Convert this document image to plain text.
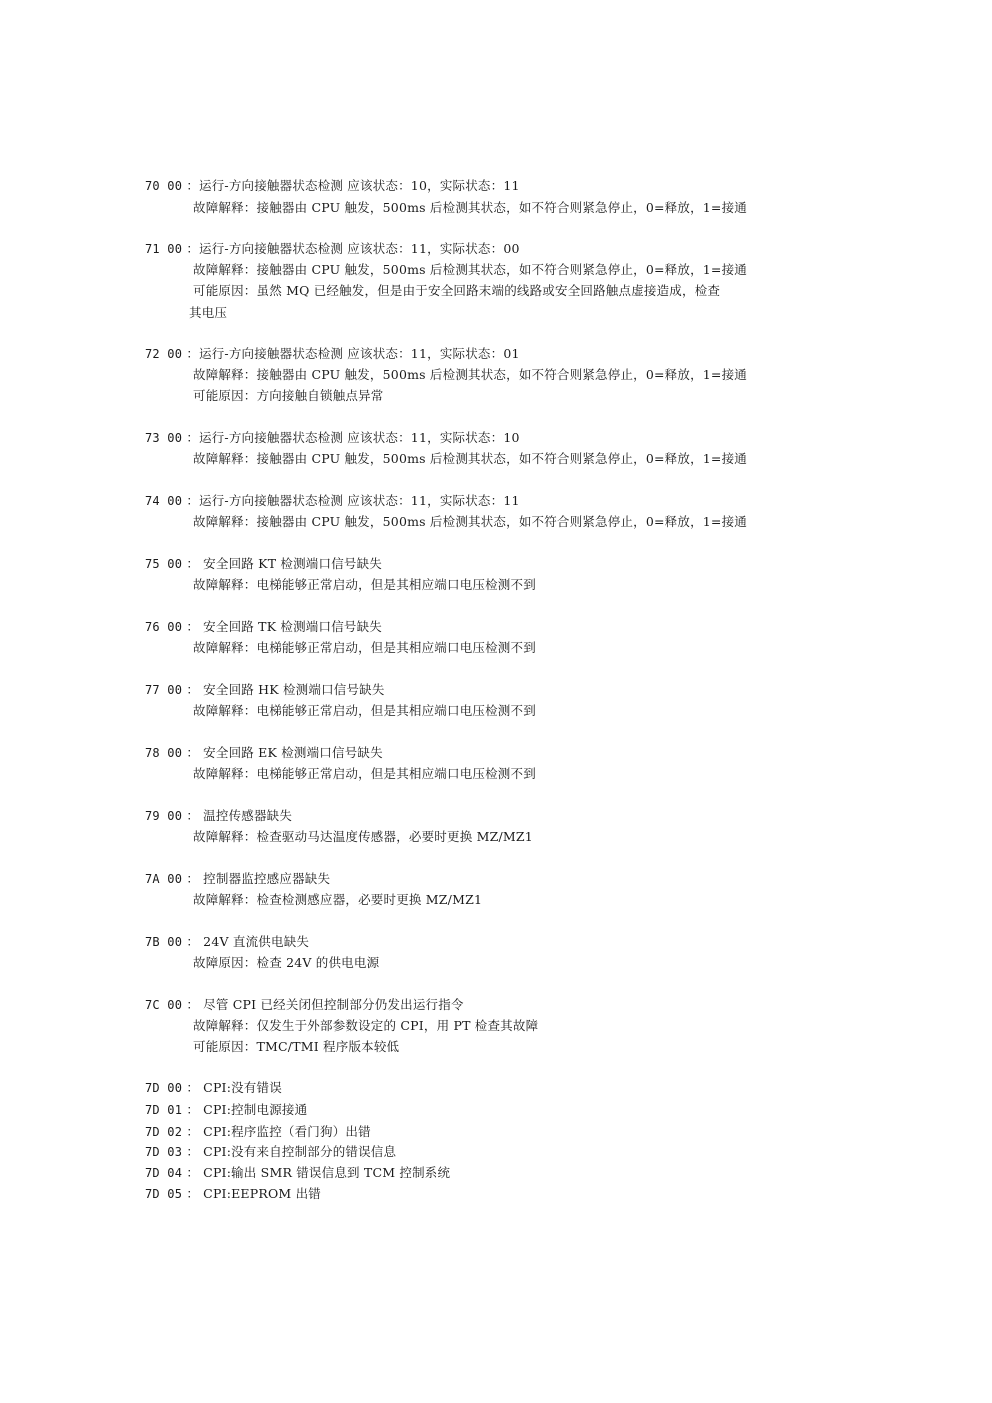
70 00 ：运行-方向接触器状态检测 应该状态：10，实际状态：11
故障解释：接触器由 CPU 触发，500ms 后检测其状态，如不符合则紧急停止，0=释放，1=接通
71 00 ：运行-方向接触器状态检测 应该状态：11，实际状态：00
故障解释：接触器由 CPU 触发，500ms 后检测其状态，如不符合则紧急停止，0=释放，1=接通
可能原因：虽然 MQ 已经触发，但是由于安全回路末端的线路或安全回路触点虚接造成，检查
其电压
72 00 ：运行-方向接触器状态检测 应该状态：11，实际状态：01
故障解释：接触器由 CPU 触发，500ms 后检测其状态，如不符合则紧急停止，0=释放，1=接通
可能原因：方向接触自锁触点异常
73 00 ：运行-方向接触器状态检测 应该状态：11，实际状态：10
故障解释：接触器由 CPU 触发，500ms 后检测其状态，如不符合则紧急停止，0=释放，1=接通
74 00 ：运行-方向接触器状态检测 应该状态：11，实际状态：11
故障解释：接触器由 CPU 触发，500ms 后检测其状态，如不符合则紧急停止，0=释放，1=接通
75 00 ： 安全回路 KT 检测端口信号缺失
故障解释：电梯能够正常启动，但是其相应端口电压检测不到
76 00 ： 安全回路 TK 检测端口信号缺失
故障解释：电梯能够正常启动，但是其相应端口电压检测不到
77 00 ： 安全回路 HK 检测端口信号缺失
故障解释：电梯能够正常启动，但是其相应端口电压检测不到
78 00 ： 安全回路 EK 检测端口信号缺失
故障解释：电梯能够正常启动，但是其相应端口电压检测不到
79 00 ： 温控传感器缺失
故障解释：检查驱动马达温度传感器，必要时更换 MZ/MZ1
7A 00 ： 控制器监控感应器缺失
故障解释：检查检测感应器，必要时更换 MZ/MZ1
7B 00 ： 24V 直流供电缺失
故障原因：检查 24V 的供电电源
7C 00 ： 尽管 CPI 已经关闭但控制部分仍发出运行指令
故障解释：仅发生于外部参数设定的 CPI，用 PT 检查其故障
可能原因：TMC/TMI 程序版本较低
7D 00 ： CPI:没有错误
7D 01 ： CPI:控制电源接通
7D 02 ： CPI:程序监控（看门狗）出错
7D 03 ： CPI:没有来自控制部分的错误信息
7D 04 ： CPI:输出 SMR 错误信息到 TCM 控制系统
7D 05 ： CPI:EEPROM 出错
